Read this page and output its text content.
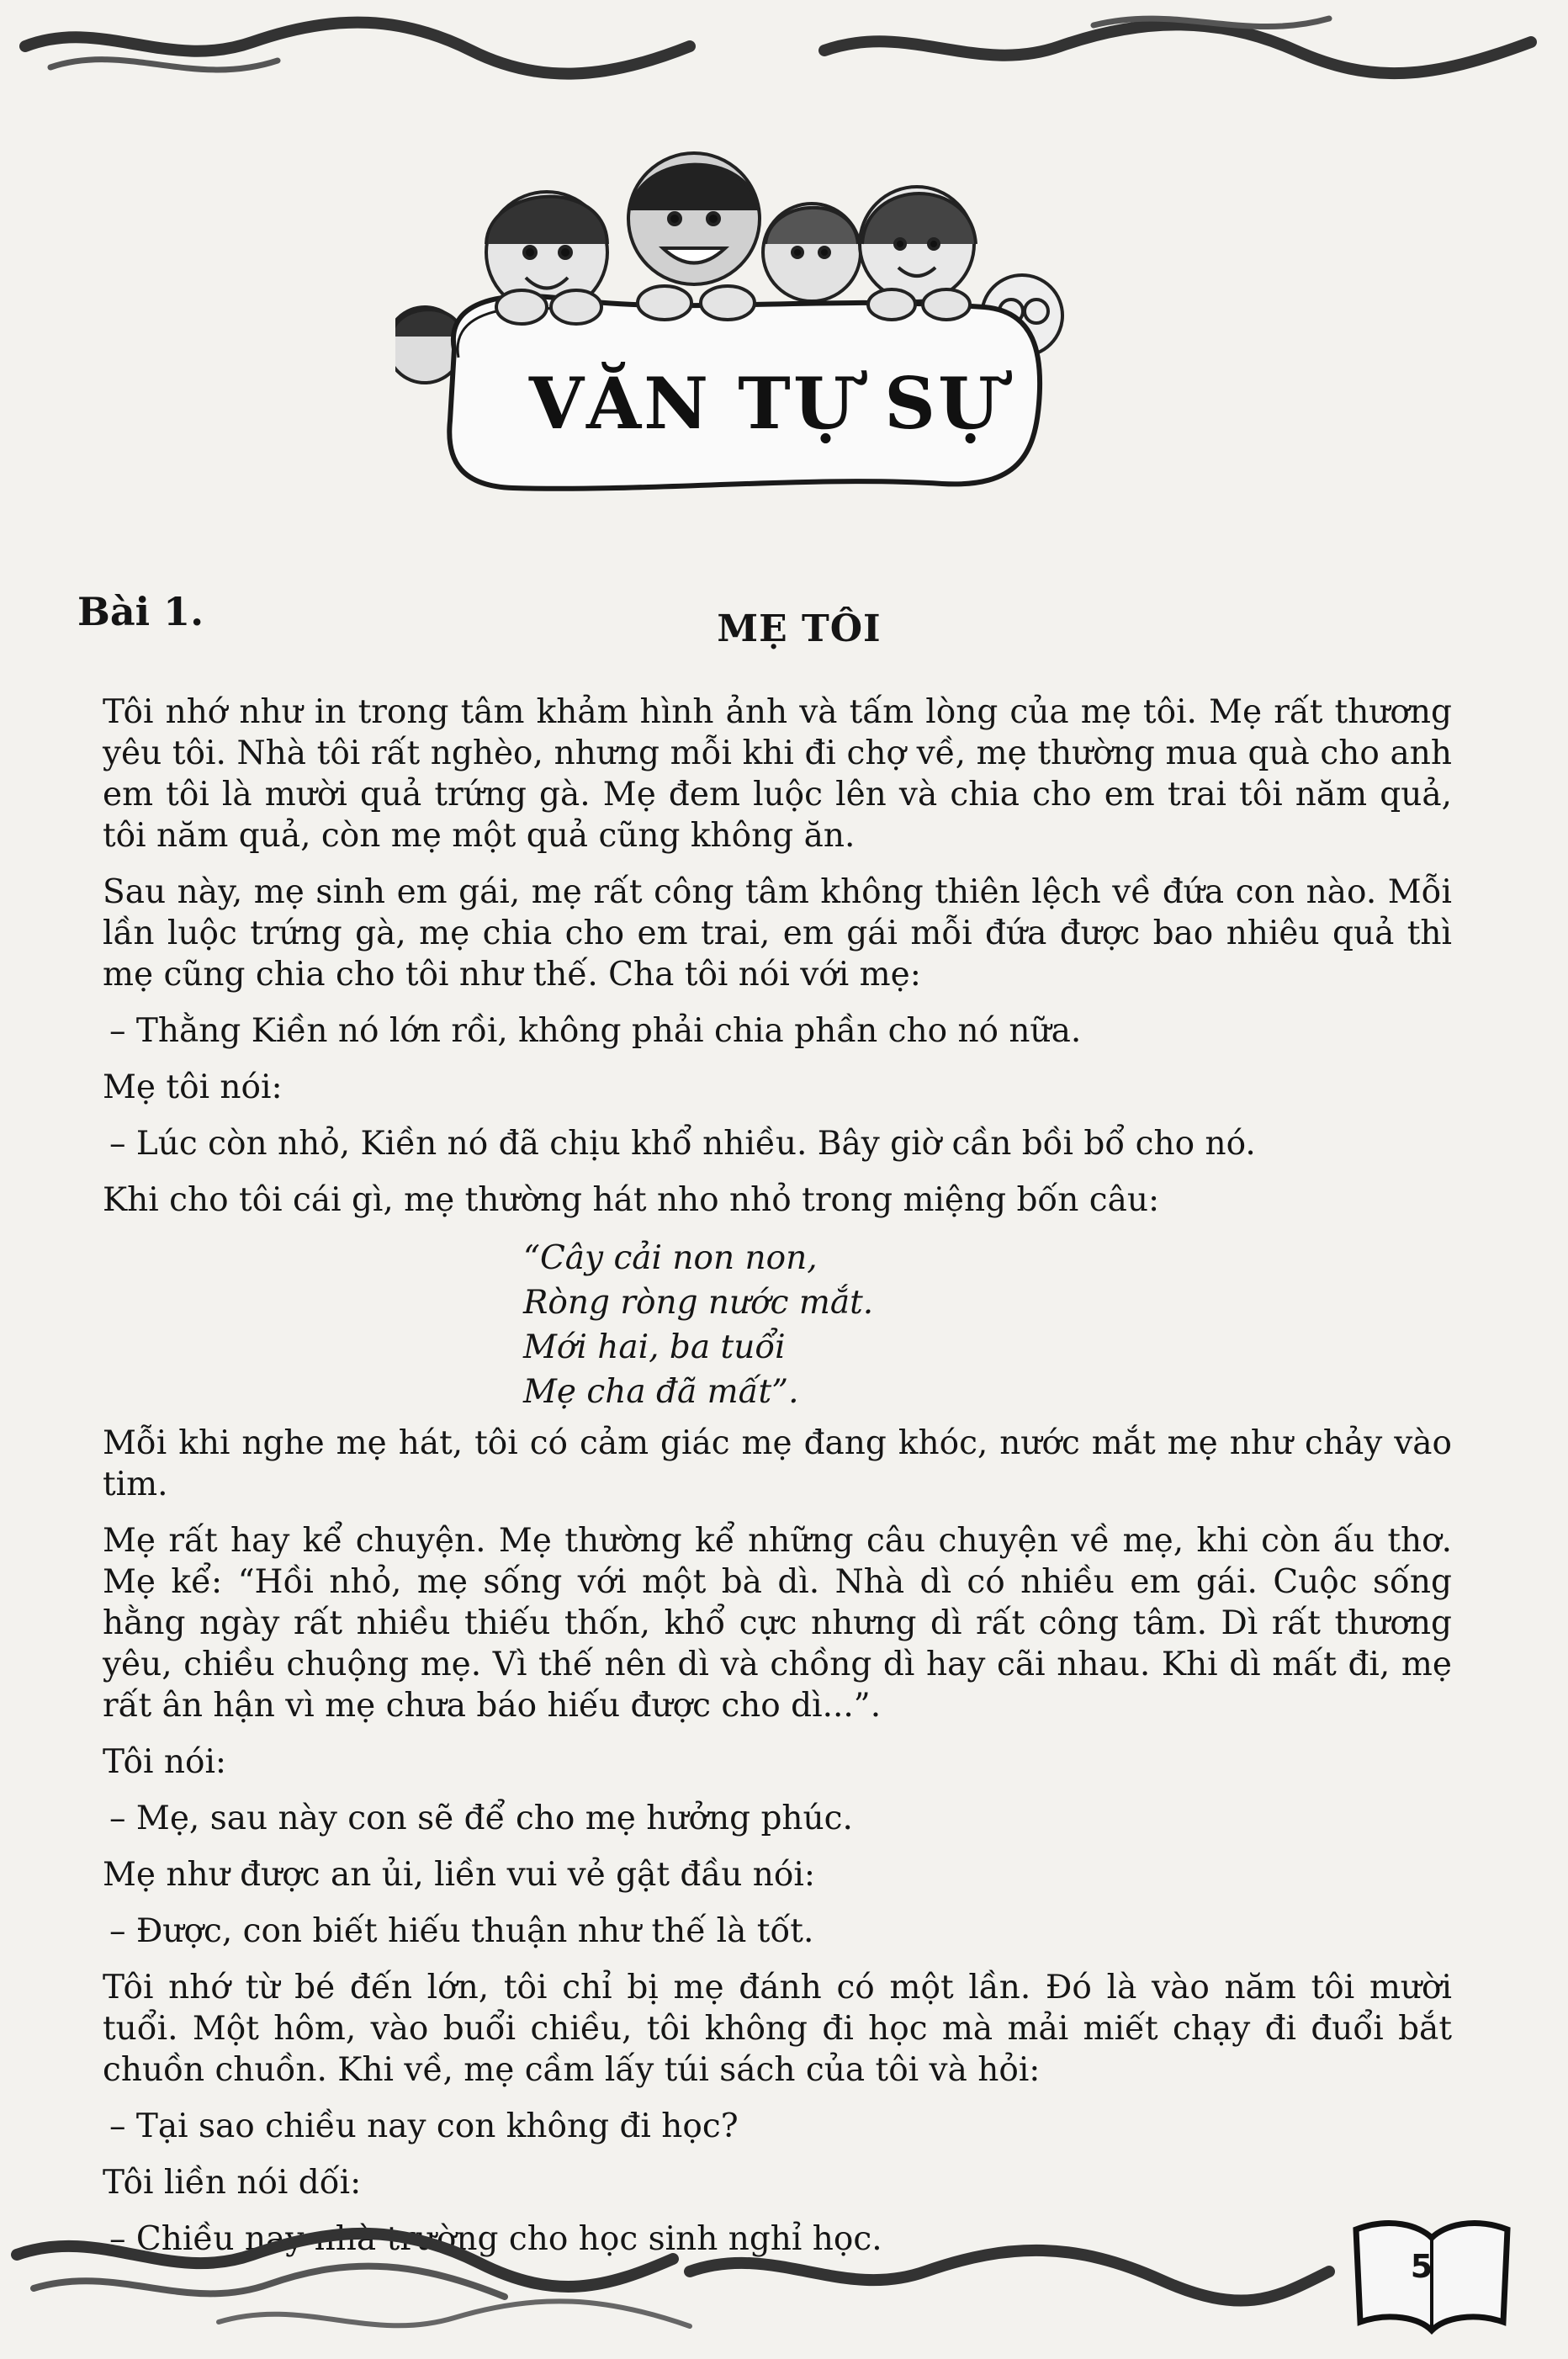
VĂN TỰ SỰ
Bài 1.	MẸ TÔI

Tôi nhớ như in trong tâm khảm hình ảnh và tấm lòng của mẹ tôi. Mẹ rất thương yêu tôi. Nhà tôi rất nghèo, nhưng mỗi khi đi chợ về, mẹ thường mua quà cho anh em tôi là mười quả trứng gà. Mẹ đem luộc lên và chia cho em trai tôi năm quả, tôi năm quả, còn mẹ một quả cũng không ăn.

Sau này, mẹ sinh em gái, mẹ rất công tâm không thiên lệch về đứa con nào. Mỗi lần luộc trứng gà, mẹ chia cho em trai, em gái mỗi đứa được bao nhiêu quả thì mẹ cũng chia cho tôi như thế. Cha tôi nói với mẹ:

– Thằng Kiền nó lớn rồi, không phải chia phần cho nó nữa.

Mẹ tôi nói:

– Lúc còn nhỏ, Kiền nó đã chịu khổ nhiều. Bây giờ cần bồi bổ cho nó.

Khi cho tôi cái gì, mẹ thường hát nho nhỏ trong miệng bốn câu:

“Cây cải non non,
Ròng ròng nước mắt.
Mới hai, ba tuổi
Mẹ cha đã mất”.

Mỗi khi nghe mẹ hát, tôi có cảm giác mẹ đang khóc, nước mắt mẹ như chảy vào tim.

Mẹ rất hay kể chuyện. Mẹ thường kể những câu chuyện về mẹ, khi còn ấu thơ. Mẹ kể: “Hồi nhỏ, mẹ sống với một bà dì. Nhà dì có nhiều em gái. Cuộc sống hằng ngày rất nhiều thiếu thốn, khổ cực nhưng dì rất công tâm. Dì rất thương yêu, chiều chuộng mẹ. Vì thế nên dì và chồng dì hay cãi nhau. Khi dì mất đi, mẹ rất ân hận vì mẹ chưa báo hiếu được cho dì...”.

Tôi nói:

– Mẹ, sau này con sẽ để cho mẹ hưởng phúc.

Mẹ như được an ủi, liền vui vẻ gật đầu nói:

– Được, con biết hiếu thuận như thế là tốt.

Tôi nhớ từ bé đến lớn, tôi chỉ bị mẹ đánh có một lần. Đó là vào năm tôi mười tuổi. Một hôm, vào buổi chiều, tôi không đi học mà mải miết chạy đi đuổi bắt chuồn chuồn. Khi về, mẹ cầm lấy túi sách của tôi và hỏi:

– Tại sao chiều nay con không đi học?

Tôi liền nói dối:

– Chiều nay nhà trường cho học sinh nghỉ học.

5
